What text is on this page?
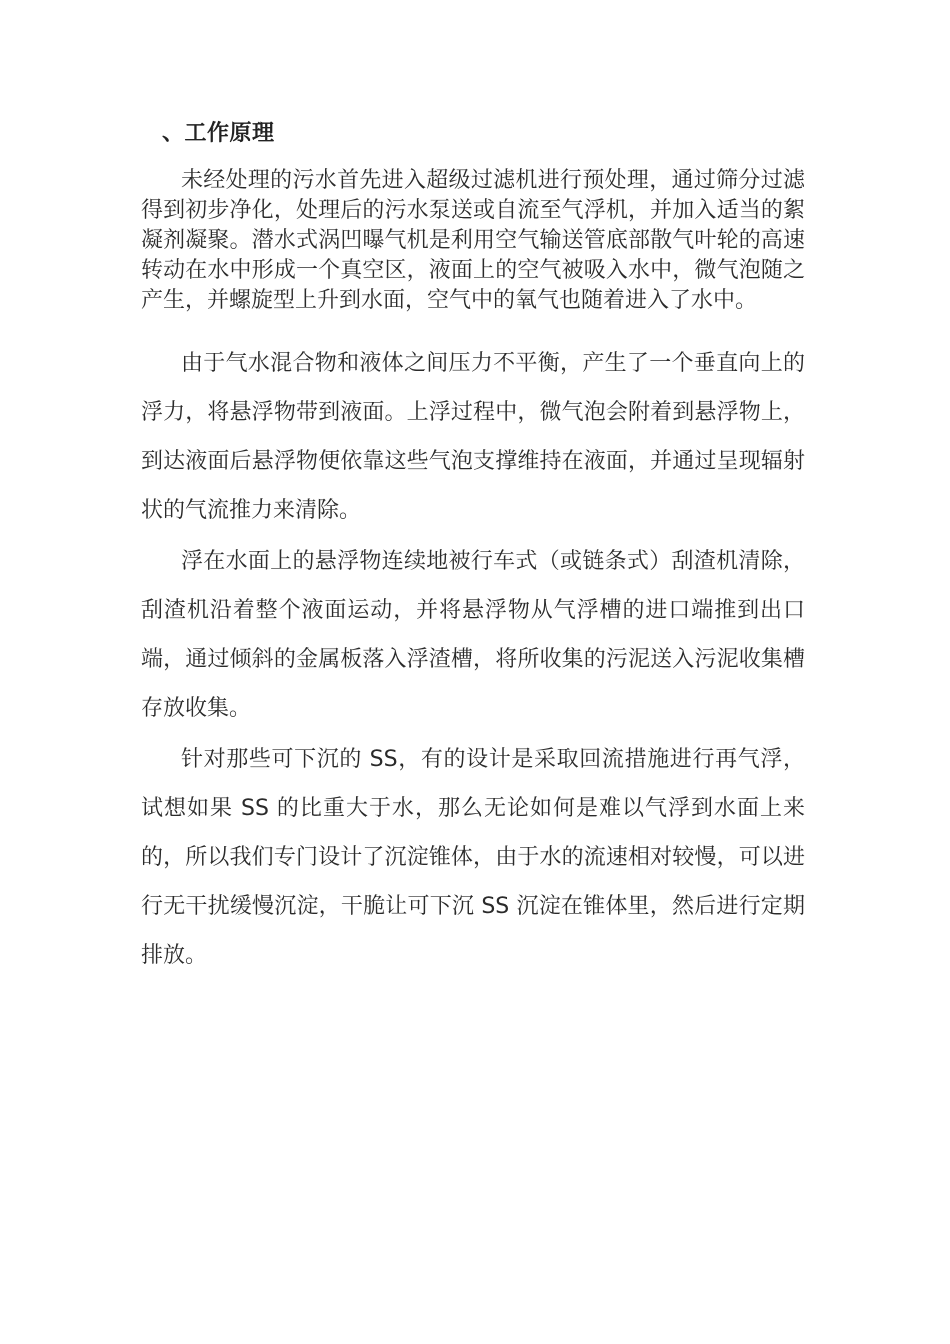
、工作原理

未经处理的污水首先进入超级过滤机进行预处理，通过筛分过滤得到初步净化，处理后的污水泵送或自流至气浮机，并加入适当的絮凝剂凝聚。潜水式涡凹曝气机是利用空气输送管底部散气叶轮的高速转动在水中形成一个真空区，液面上的空气被吸入水中，微气泡随之产生，并螺旋型上升到水面，空气中的氧气也随着进入了水中。

由于气水混合物和液体之间压力不平衡，产生了一个垂直向上的浮力，将悬浮物带到液面。上浮过程中，微气泡会附着到悬浮物上，到达液面后悬浮物便依靠这些气泡支撑维持在液面，并通过呈现辐射状的气流推力来清除。

浮在水面上的悬浮物连续地被行车式（或链条式）刮渣机清除，刮渣机沿着整个液面运动，并将悬浮物从气浮槽的进口端推到出口端，通过倾斜的金属板落入浮渣槽，将所收集的污泥送入污泥收集槽存放收集。

针对那些可下沉的 SS，有的设计是采取回流措施进行再气浮，试想如果 SS 的比重大于水，那么无论如何是难以气浮到水面上来的，所以我们专门设计了沉淀锥体，由于水的流速相对较慢，可以进行无干扰缓慢沉淀，干脆让可下沉 SS 沉淀在锥体里，然后进行定期排放。
